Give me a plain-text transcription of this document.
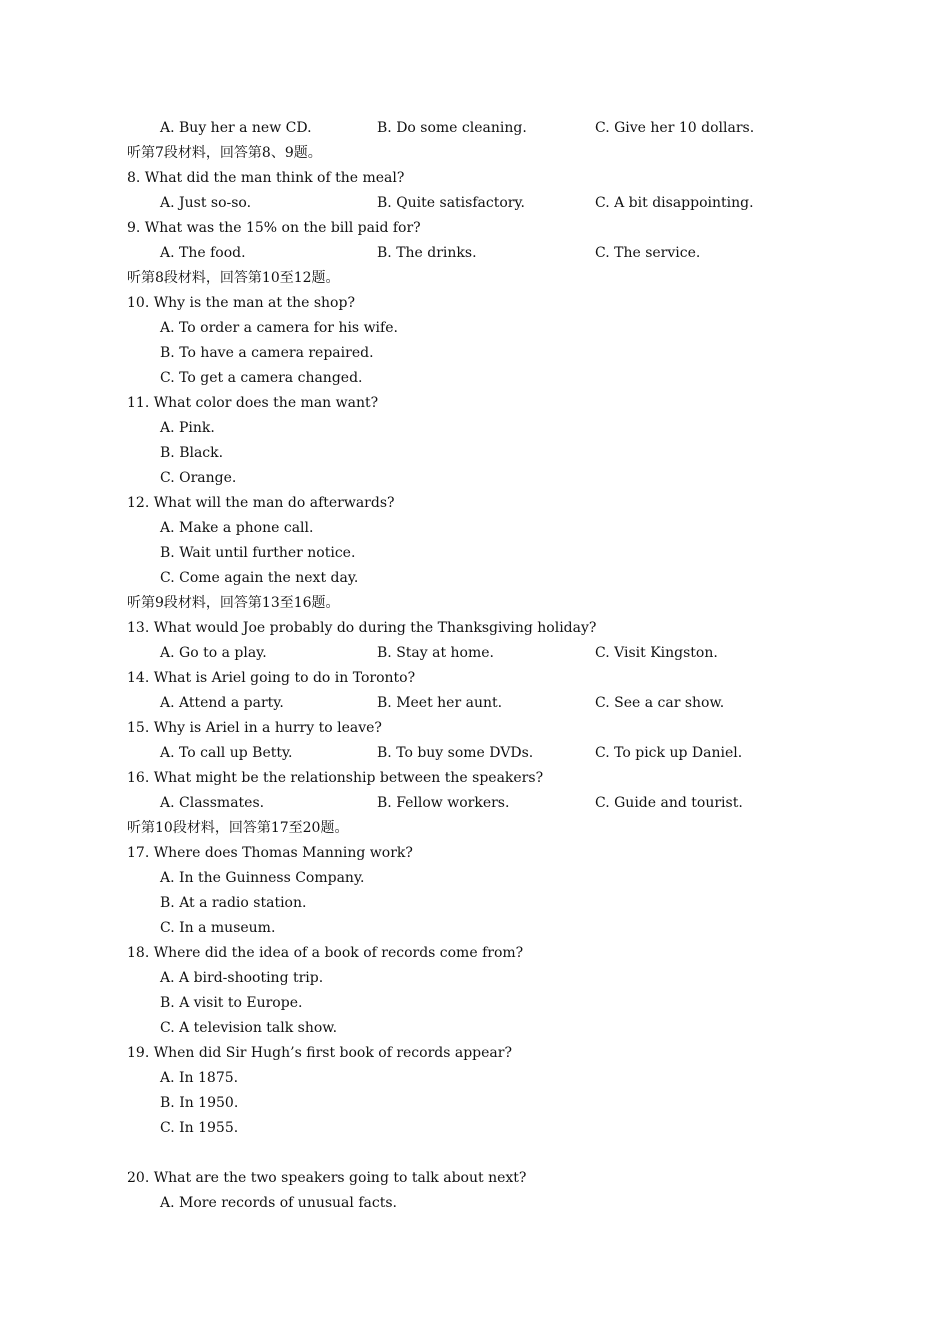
A. Buy her a new CD.	B. Do some cleaning.	C. Give her 10 dollars.
听第7段材料，回答第8、9题。
8. What did the man think of the meal?
A. Just so-so.	B. Quite satisfactory.	C. A bit disappointing.
9. What was the 15% on the bill paid for?
A. The food.	B. The drinks.	C. The service.
听第8段材料，回答第10至12题。
10. Why is the man at the shop?
A. To order a camera for his wife.
B. To have a camera repaired.
C. To get a camera changed.
11. What color does the man want?
A. Pink.
B. Black.
C. Orange.
12. What will the man do afterwards?
A. Make a phone call.
B. Wait until further notice.
C. Come again the next day.
听第9段材料，回答第13至16题。
13. What would Joe probably do during the Thanksgiving holiday?
A. Go to a play.	B. Stay at home.	C. Visit Kingston.
14. What is Ariel going to do in Toronto?
A. Attend a party.	B. Meet her aunt.	C. See a car show.
15. Why is Ariel in a hurry to leave?
A. To call up Betty.	B. To buy some DVDs.	C. To pick up Daniel.
16. What might be the relationship between the speakers?
A. Classmates.	B. Fellow workers.	C. Guide and tourist.
听第10段材料，回答第17至20题。
17. Where does Thomas Manning work?
A. In the Guinness Company.
B. At a radio station.
C. In a museum.
18. Where did the idea of a book of records come from?
A. A bird-shooting trip.
B. A visit to Europe.
C. A television talk show.
19. When did Sir Hugh’s first book of records appear?
A. In 1875.
B. In 1950.
C. In 1955.
20. What are the two speakers going to talk about next?
A. More records of unusual facts.
